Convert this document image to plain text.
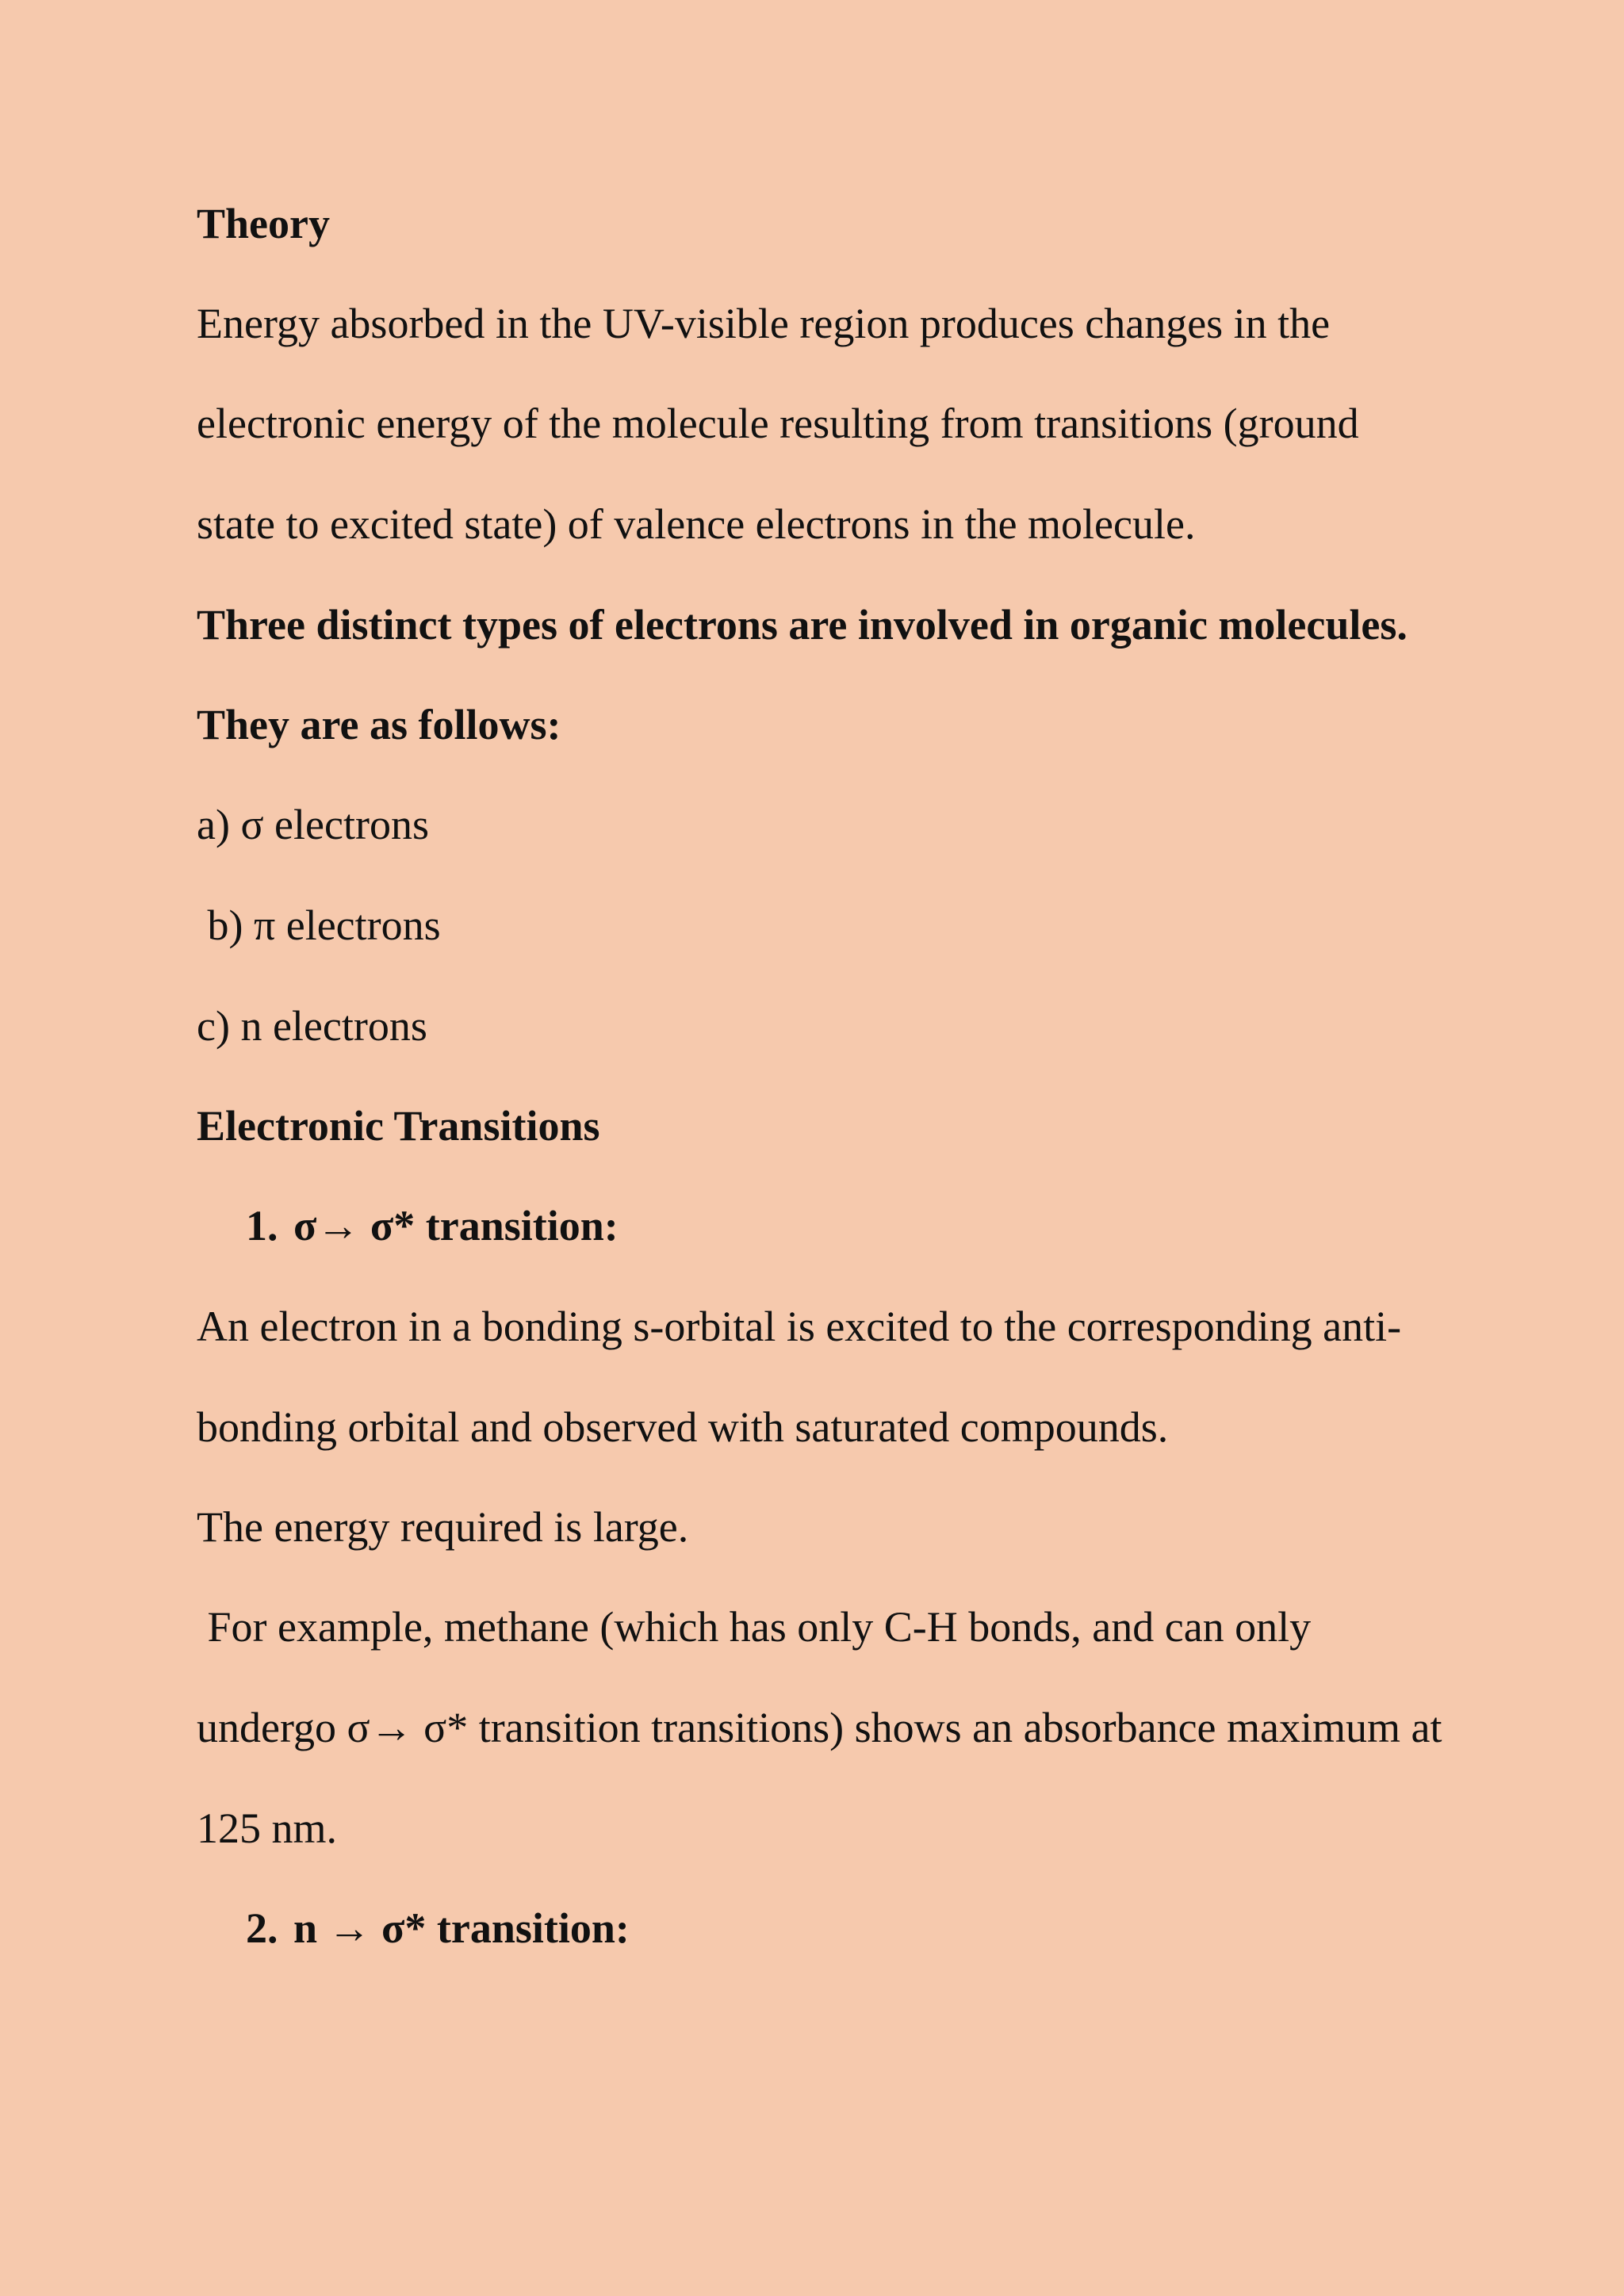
Theory
Energy absorbed in the UV-visible region produces changes in the
electronic energy of the molecule resulting from transitions (ground
state to excited state) of valence electrons in the molecule.
Three distinct types of electrons are involved in organic molecules.
They are as follows:
a) σ electrons
b) π electrons
c) n electrons
Electronic Transitions
1. σ→ σ* transition:
An electron in a bonding s-orbital is excited to the corresponding anti-
bonding orbital and observed with saturated compounds.
The energy required is large.
For example, methane (which has only C-H bonds, and can only
undergo σ→ σ* transition transitions) shows an absorbance maximum at
125 nm.
2. n → σ* transition:
